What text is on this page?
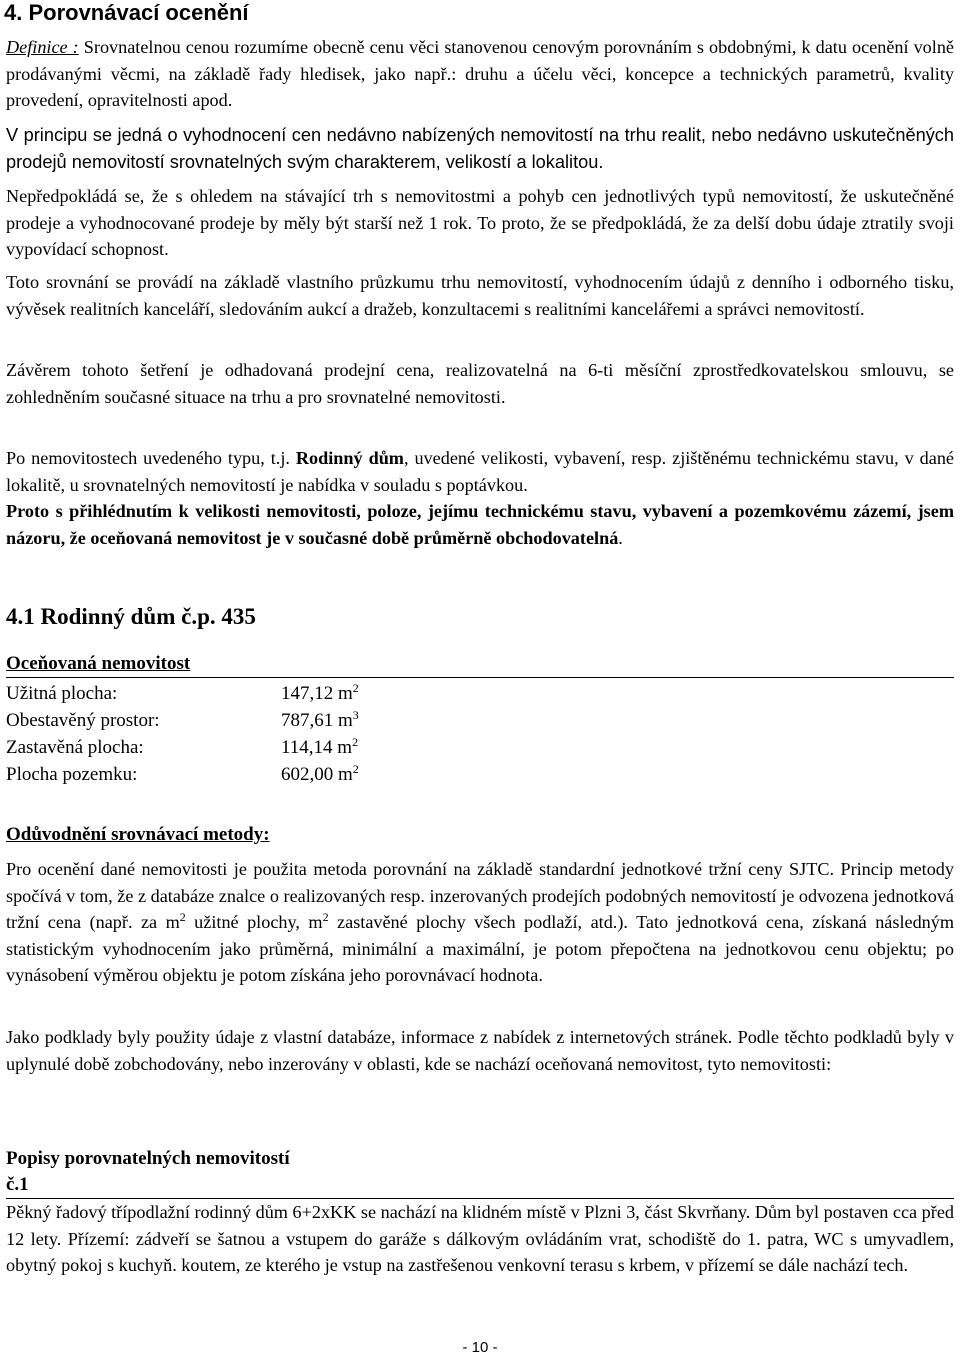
4. Porovnávací ocenění

Definice : Srovnatelnou cenou rozumíme obecně cenu věci stanovenou cenovým porovnáním s obdobnými, k datu ocenění volně prodávanými věcmi, na základě řady hledisek, jako např.: druhu a účelu věci, koncepce a technických parametrů, kvality provedení, opravitelnosti apod.

V principu se jedná o vyhodnocení cen nedávno nabízených nemovitostí na trhu realit, nebo nedávno uskutečněných prodejů nemovitostí srovnatelných svým charakterem, velikostí a lokalitou.

Nepředpokládá se, že s ohledem na stávající trh s nemovitostmi a pohyb cen jednotlivých typů nemovitostí, že uskutečněné prodeje a vyhodnocované prodeje by měly být starší než 1 rok. To proto, že se předpokládá, že za delší dobu údaje ztratily svoji vypovídací schopnost.

Toto srovnání se provádí na základě vlastního průzkumu trhu nemovitostí, vyhodnocením údajů z denního i odborného tisku, vývěsek realitních kanceláří, sledováním aukcí a dražeb, konzultacemi s realitními kancelářemi a správci nemovitostí.

Závěrem tohoto šetření je odhadovaná prodejní cena, realizovatelná na 6-ti měsíční zprostředkovatelskou smlouvu, se zohledněním současné situace na trhu a pro srovnatelné nemovitosti.

Po nemovitostech uvedeného typu, t.j. Rodinný dům, uvedené velikosti, vybavení, resp. zjištěnému technickému stavu, v dané lokalitě, u srovnatelných nemovitostí je nabídka v souladu s poptávkou.

Proto s přihlédnutím k velikosti nemovitosti, poloze, jejímu technickému stavu, vybavení a pozemkovému zázemí, jsem názoru, že oceňovaná nemovitost je v současné době průměrně obchodovatelná.

4.1 Rodinný dům č.p. 435
Oceňovaná nemovitost
Užitná plocha:	147,12 $m^2$
Obestavěný prostor:	787,61 $m^3$
Zastavěná plocha:	114,14 $m^2$
Plocha pozemku:	602,00 $m^2$
Odůvodnění srovnávací metody:

Pro ocenění dané nemovitosti je použita metoda porovnání na základě standardní jednotkové tržní ceny SJTC. Princip metody spočívá v tom, že z databáze znalce o realizovaných resp. inzerovaných prodejích podobných nemovitostí je odvozena jednotková tržní cena (např. za $m^2$ užitné plochy, $m^2$ zastavěné plochy všech podlaží, atd.). Tato jednotková cena, získaná následným statistickým vyhodnocením jako průměrná, minimální a maximální, je potom přepočtena na jednotkovou cenu objektu; po vynásobení výměrou objektu je potom získána jeho porovnávací hodnota.

Jako podklady byly použity údaje z vlastní databáze, informace z nabídek z internetových stránek. Podle těchto podkladů byly v uplynulé době zobchodovány, nebo inzerovány v oblasti, kde se nachází oceňovaná nemovitost, tyto nemovitosti:

Popisy porovnatelných nemovitostí
č.1

Pěkný řadový třípodlažní rodinný dům 6+2xKK se nachází na klidném místě v Plzni 3, část Skvrňany. Dům byl postaven cca před 12 lety. Přízemí: zádveří se šatnou a vstupem do garáže s dálkovým ovládáním vrat, schodiště do 1. patra, WC s umyvadlem, obytný pokoj s kuchyň. koutem, ze kterého je vstup na zastřešenou venkovní terasu s krbem, v přízemí se dále nachází tech.

- 10 -
